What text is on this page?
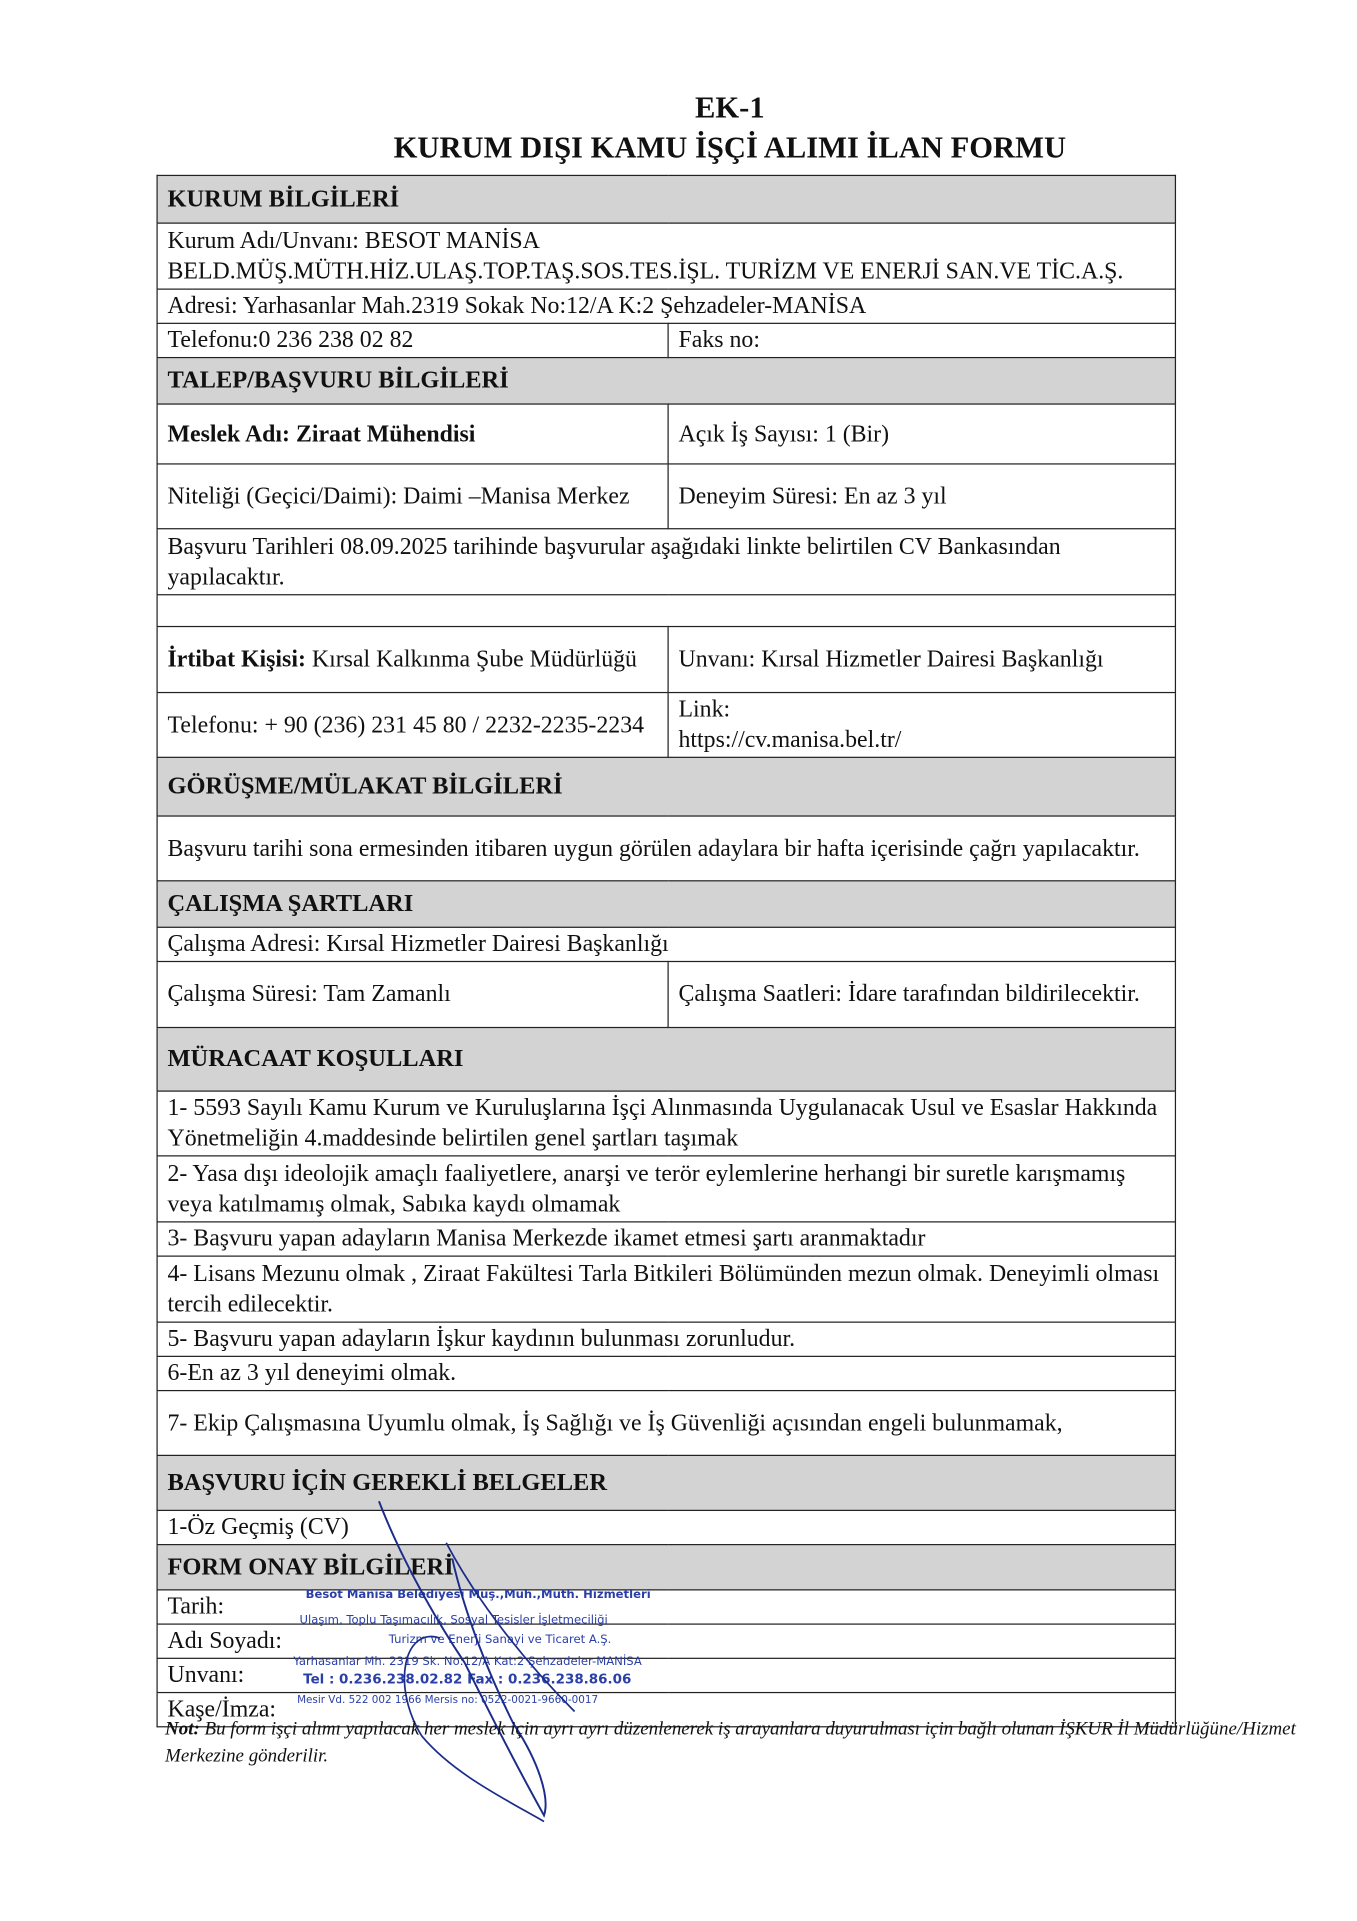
EK-1
KURUM DIŞI KAMU İŞÇİ ALIMI İLAN FORMU
KURUM BİLGİLERİ	

Kurum Adı/Unvanı: BESOT MANİSA
BELD.MÜŞ.MÜTH.HİZ.ULAŞ.TOP.TAŞ.SOS.TES.İŞL. TURİZM VE ENERJİ SAN.VE TİC.A.Ş.	

Adresi: Yarhasanlar Mah.2319 Sokak No:12/A K:2 Şehzadeler-MANİSA	
Telefonu:0 236 238 02 82	Faks no:
TALEP/BAŞVURU BİLGİLERİ	
Meslek Adı: Ziraat Mühendisi	Açık İş Sayısı: 1 (Bir)
Niteliği (Geçici/Daimi): Daimi –Manisa Merkez	Deneyim Süresi: En az 3 yıl
Başvuru Tarihleri 08.09.2025 tarihinde başvurular aşağıdaki linkte belirtilen CV Bankasından yapılacaktır.	

İrtibat Kişisi: Kırsal Kalkınma Şube Müdürlüğü	Unvanı: Kırsal Hizmetler Dairesi Başkanlığı
Telefonu: + 90 (236) 231 45 80 / 2232-2235-2234	Link:
https://cv.manisa.bel.tr/

GÖRÜŞME/MÜLAKAT BİLGİLERİ	
Başvuru tarihi sona ermesinden itibaren uygun görülen adaylara bir hafta içerisinde çağrı yapılacaktır.	
ÇALIŞMA ŞARTLARI	
Çalışma Adresi: Kırsal Hizmetler Dairesi Başkanlığı	
Çalışma Süresi: Tam Zamanlı	Çalışma Saatleri: İdare tarafından bildirilecektir.
MÜRACAAT KOŞULLARI	
1- 5593 Sayılı Kamu Kurum ve Kuruluşlarına İşçi Alınmasında Uygulanacak Usul ve Esaslar Hakkında Yönetmeliğin 4.maddesinde belirtilen genel şartları taşımak	
2- Yasa dışı ideolojik amaçlı faaliyetlere, anarşi ve terör eylemlerine herhangi bir suretle karışmamış veya katılmamış olmak, Sabıka kaydı olmamak	
3- Başvuru yapan adayların Manisa Merkezde ikamet etmesi şartı aranmaktadır	
4- Lisans Mezunu olmak , Ziraat Fakültesi Tarla Bitkileri Bölümünden mezun olmak. Deneyimli olması tercih edilecektir.	
5- Başvuru yapan adayların İşkur kaydının bulunması zorunludur.	
6-En az 3 yıl deneyimi olmak.	
7- Ekip Çalışmasına Uyumlu olmak, İş Sağlığı ve İş Güvenliği açısından engeli bulunmamak,	
BAŞVURU İÇİN GEREKLİ BELGELER	
1-Öz Geçmiş (CV)	
FORM ONAY BİLGİLERİ	
Tarih:	
Adı Soyadı:	
Unvanı:	
Kaşe/İmza:	
Besot Manisa Belediyesi Müş.,Müh.,Müth. Hizmetleri
Ulaşım, Toplu Taşımacılık, Sosyal Tesisler İşletmeciliği
Turizm ve Enerji Sanayi ve Ticaret A.Ş.
Yarhasanlar Mh. 2319 Sk. No:12/A Kat:2 Şehzadeler-MANİSA
Tel : 0.236.238.02.82 Fax : 0.236.238.86.06
Mesir Vd. 522 002 1966 Mersis no: 0522-0021-9660-0017
Not: Bu form işçi alımı yapılacak her meslek için ayrı ayrı düzenlenerek iş arayanlara duyurulması için bağlı olunan İŞKUR İl Müdürlüğüne/Hizmet Merkezine gönderilir.
